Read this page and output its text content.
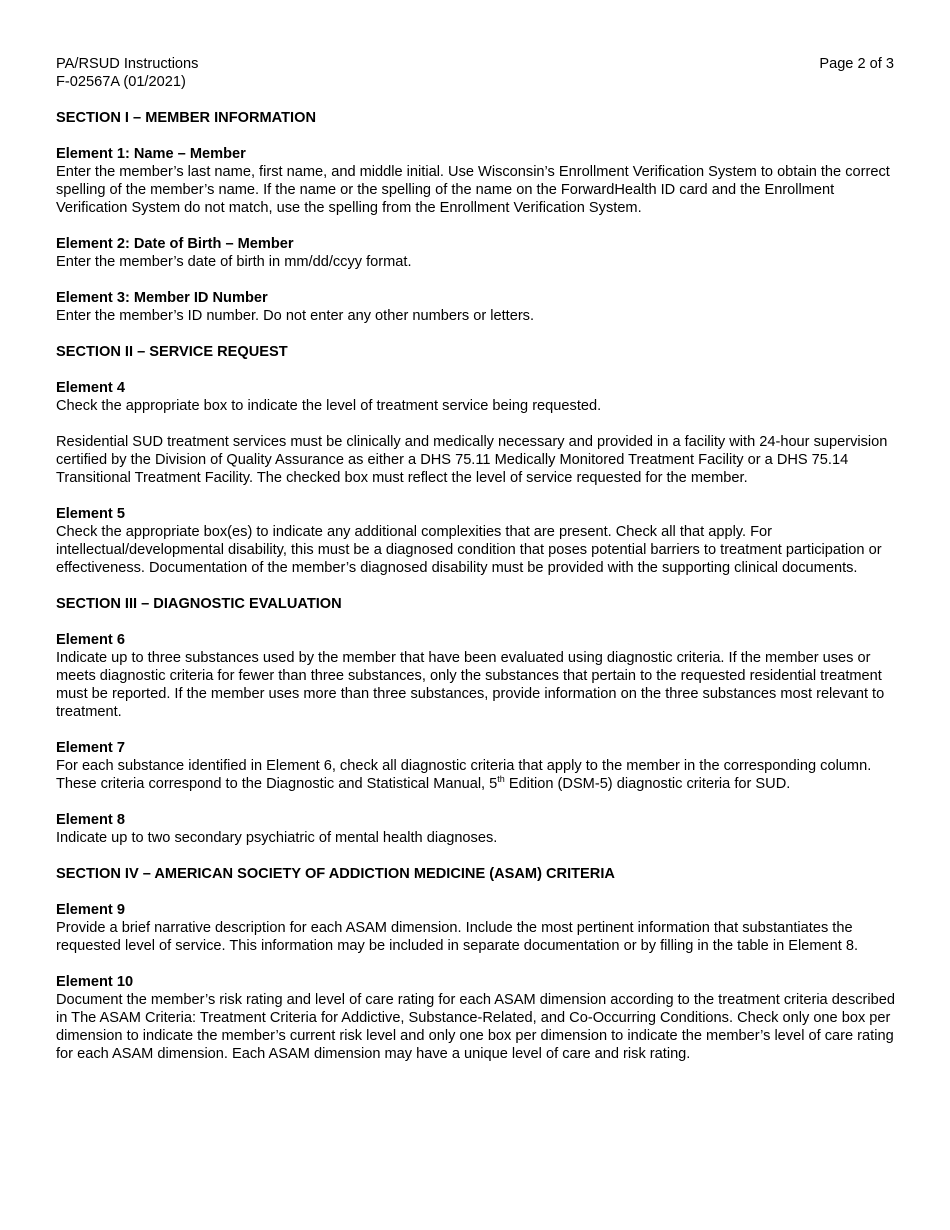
PA/RSUD Instructions
F-02567A (01/2021)
Page 2 of 3
SECTION I – MEMBER INFORMATION
Element 1: Name – Member

Enter the member’s last name, first name, and middle initial. Use Wisconsin’s Enrollment Verification System to obtain the correct spelling of the member’s name. If the name or the spelling of the name on the ForwardHealth ID card and the Enrollment Verification System do not match, use the spelling from the Enrollment Verification System.

Element 2: Date of Birth – Member

Enter the member’s date of birth in mm/dd/ccyy format.

Element 3: Member ID Number

Enter the member’s ID number. Do not enter any other numbers or letters.

SECTION II – SERVICE REQUEST
Element 4

Check the appropriate box to indicate the level of treatment service being requested.

Residential SUD treatment services must be clinically and medically necessary and provided in a facility with 24-hour supervision certified by the Division of Quality Assurance as either a DHS 75.11 Medically Monitored Treatment Facility or a DHS 75.14 Transitional Treatment Facility. The checked box must reflect the level of service requested for the member.

Element 5

Check the appropriate box(es) to indicate any additional complexities that are present. Check all that apply. For intellectual/developmental disability, this must be a diagnosed condition that poses potential barriers to treatment participation or effectiveness. Documentation of the member’s diagnosed disability must be provided with the supporting clinical documents.

SECTION III – DIAGNOSTIC EVALUATION
Element 6

Indicate up to three substances used by the member that have been evaluated using diagnostic criteria. If the member uses or meets diagnostic criteria for fewer than three substances, only the substances that pertain to the requested residential treatment must be reported. If the member uses more than three substances, provide information on the three substances most relevant to treatment.

Element 7

For each substance identified in Element 6, check all diagnostic criteria that apply to the member in the corresponding column. These criteria correspond to the Diagnostic and Statistical Manual, 5th Edition (DSM-5) diagnostic criteria for SUD.

Element 8

Indicate up to two secondary psychiatric of mental health diagnoses.

SECTION IV – AMERICAN SOCIETY OF ADDICTION MEDICINE (ASAM) CRITERIA
Element 9

Provide a brief narrative description for each ASAM dimension. Include the most pertinent information that substantiates the requested level of service. This information may be included in separate documentation or by filling in the table in Element 8.

Element 10

Document the member’s risk rating and level of care rating for each ASAM dimension according to the treatment criteria described in The ASAM Criteria: Treatment Criteria for Addictive, Substance-Related, and Co-Occurring Conditions. Check only one box per dimension to indicate the member’s current risk level and only one box per dimension to indicate the member’s level of care rating for each ASAM dimension. Each ASAM dimension may have a unique level of care and risk rating.
